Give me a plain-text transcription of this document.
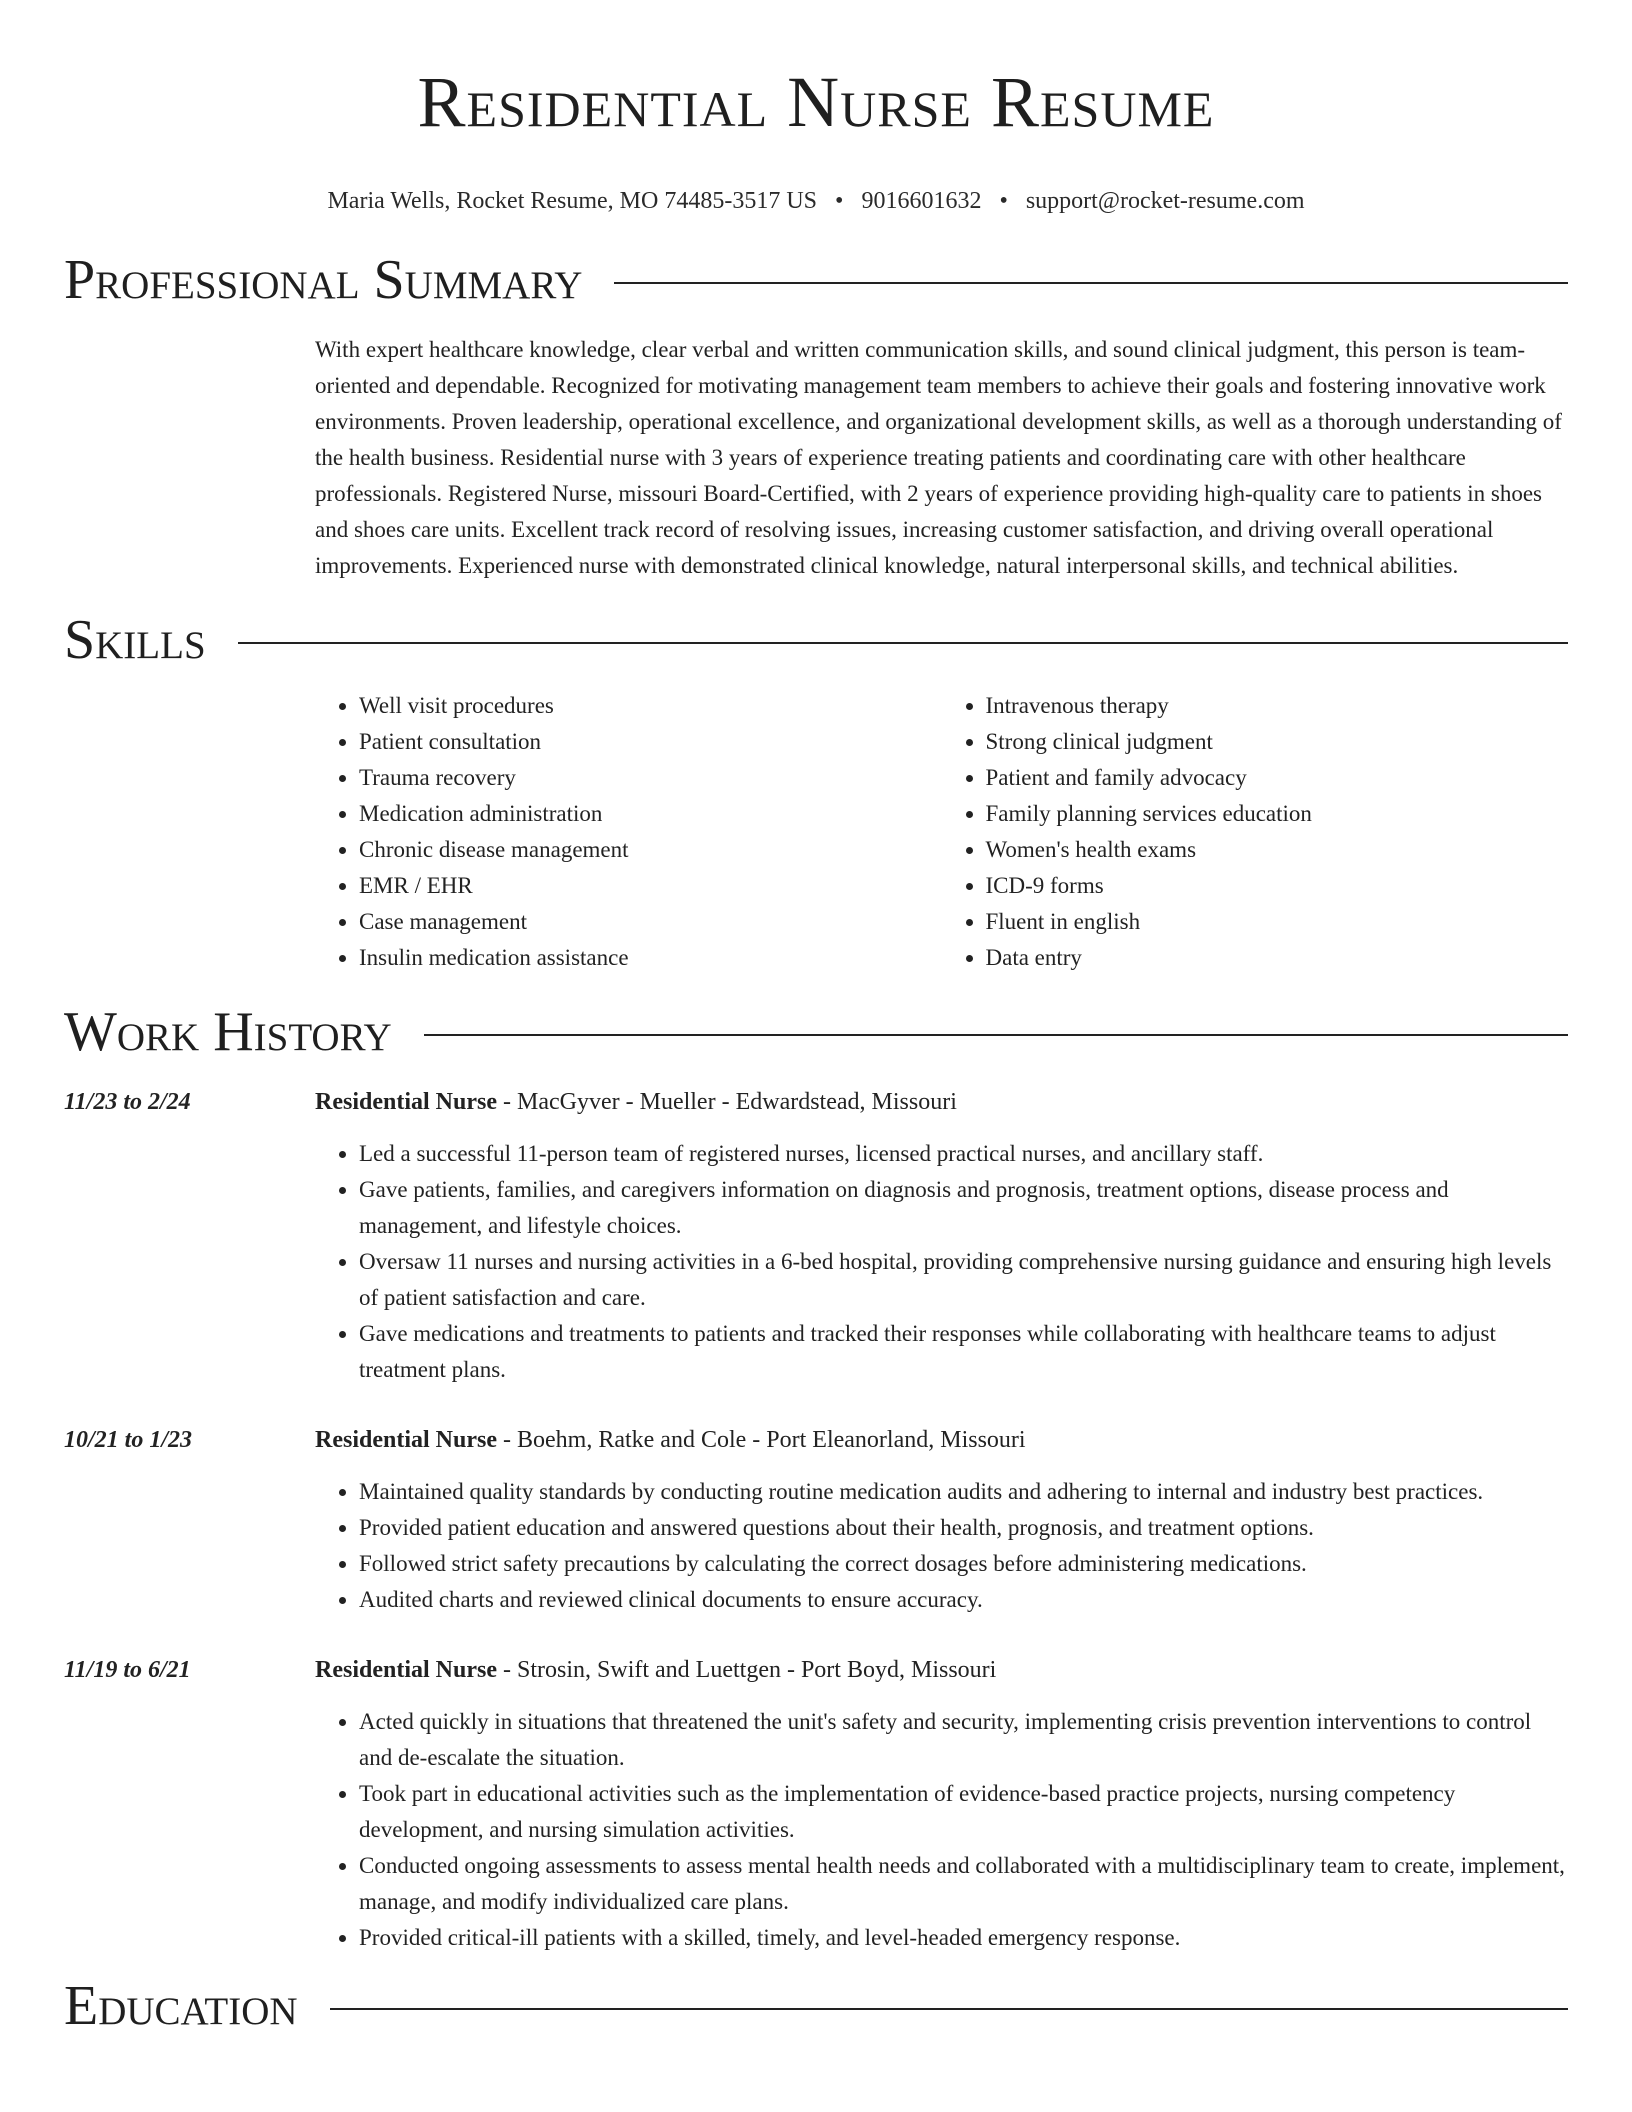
Residential Nurse Resume
Maria Wells, Rocket Resume, MO 74485-3517 US • 9016601632 • support@rocket-resume.com
Professional Summary
With expert healthcare knowledge, clear verbal and written communication skills, and sound clinical judgment, this person is team-oriented and dependable. Recognized for motivating management team members to achieve their goals and fostering innovative work environments. Proven leadership, operational excellence, and organizational development skills, as well as a thorough understanding of the health business. Residential nurse with 3 years of experience treating patients and coordinating care with other healthcare professionals. Registered Nurse, missouri Board-Certified, with 2 years of experience providing high-quality care to patients in shoes and shoes care units. Excellent track record of resolving issues, increasing customer satisfaction, and driving overall operational improvements. Experienced nurse with demonstrated clinical knowledge, natural interpersonal skills, and technical abilities.
Skills
• Well visit procedures
• Patient consultation
• Trauma recovery
• Medication administration
• Chronic disease management
• EMR / EHR
• Case management
• Insulin medication assistance
• Intravenous therapy
• Strong clinical judgment
• Patient and family advocacy
• Family planning services education
• Women's health exams
• ICD-9 forms
• Fluent in english
• Data entry
Work History
11/23 to 2/24	Residential Nurse - MacGyver - Mueller - Edwardstead, Missouri
• Led a successful 11-person team of registered nurses, licensed practical nurses, and ancillary staff.
• Gave patients, families, and caregivers information on diagnosis and prognosis, treatment options, disease process and management, and lifestyle choices.
• Oversaw 11 nurses and nursing activities in a 6-bed hospital, providing comprehensive nursing guidance and ensuring high levels of patient satisfaction and care.
• Gave medications and treatments to patients and tracked their responses while collaborating with healthcare teams to adjust treatment plans.
10/21 to 1/23	Residential Nurse - Boehm, Ratke and Cole - Port Eleanorland, Missouri
• Maintained quality standards by conducting routine medication audits and adhering to internal and industry best practices.
• Provided patient education and answered questions about their health, prognosis, and treatment options.
• Followed strict safety precautions by calculating the correct dosages before administering medications.
• Audited charts and reviewed clinical documents to ensure accuracy.
11/19 to 6/21	Residential Nurse - Strosin, Swift and Luettgen - Port Boyd, Missouri
• Acted quickly in situations that threatened the unit's safety and security, implementing crisis prevention interventions to control and de-escalate the situation.
• Took part in educational activities such as the implementation of evidence-based practice projects, nursing competency development, and nursing simulation activities.
• Conducted ongoing assessments to assess mental health needs and collaborated with a multidisciplinary team to create, implement, manage, and modify individualized care plans.
• Provided critical-ill patients with a skilled, timely, and level-headed emergency response.
Education
